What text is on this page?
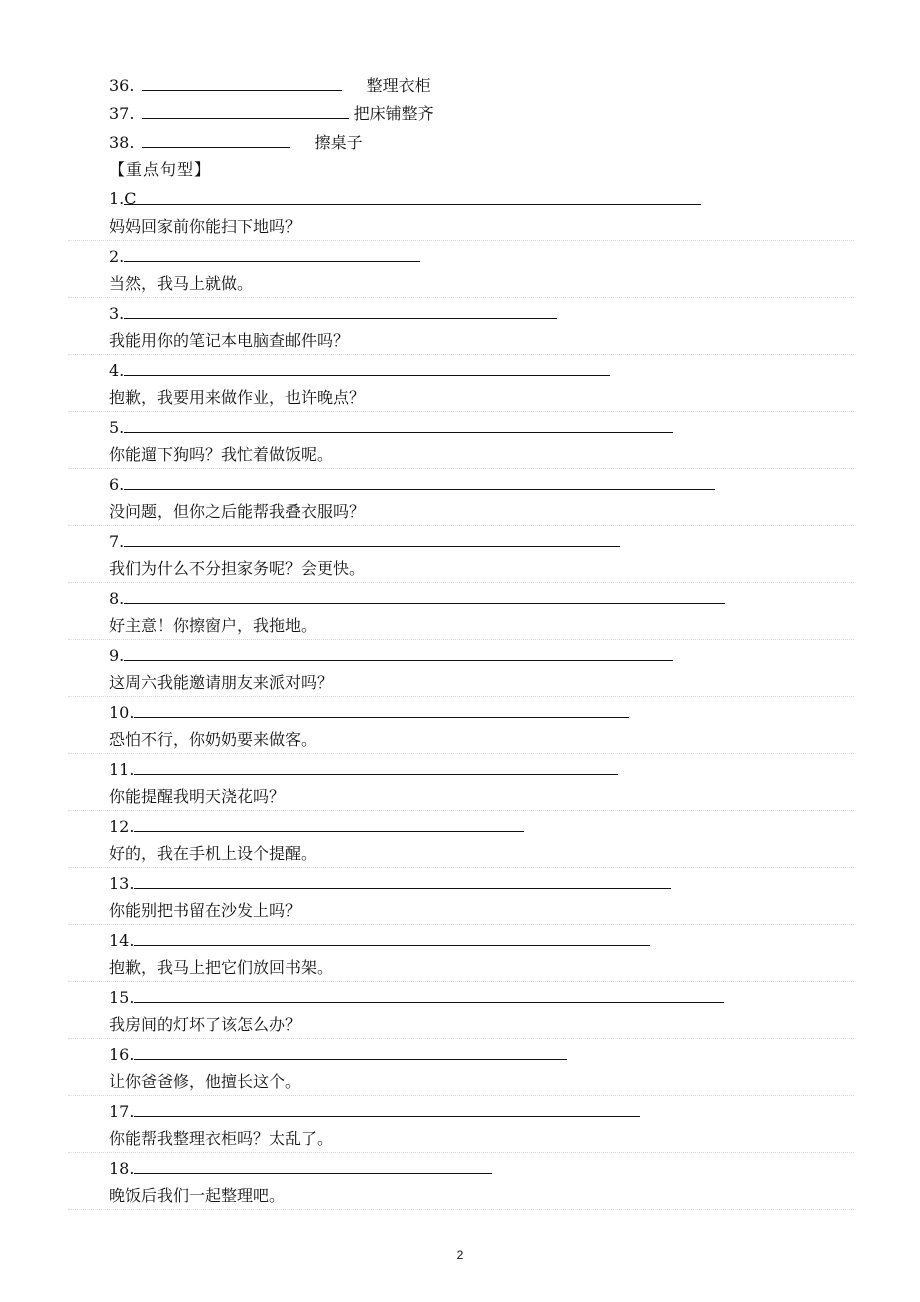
36.	整理衣柜
37.	把床铺整齐
38.	擦桌子
【重点句型】
1.C
妈妈回家前你能扫下地吗？
2.
当然，我马上就做。
3.
我能用你的笔记本电脑查邮件吗？
4.
抱歉，我要用来做作业，也许晚点？
5.
你能遛下狗吗？我忙着做饭呢。
6.
没问题，但你之后能帮我叠衣服吗？
7.
我们为什么不分担家务呢？会更快。
8.
好主意！你擦窗户，我拖地。
9.
这周六我能邀请朋友来派对吗？
10.
恐怕不行，你奶奶要来做客。
11.
你能提醒我明天浇花吗？
12.
好的，我在手机上设个提醒。
13.
你能别把书留在沙发上吗？
14.
抱歉，我马上把它们放回书架。
15.
我房间的灯坏了该怎么办？
16.
让你爸爸修，他擅长这个。
17.
你能帮我整理衣柜吗？太乱了。
18.
晚饭后我们一起整理吧。
2
